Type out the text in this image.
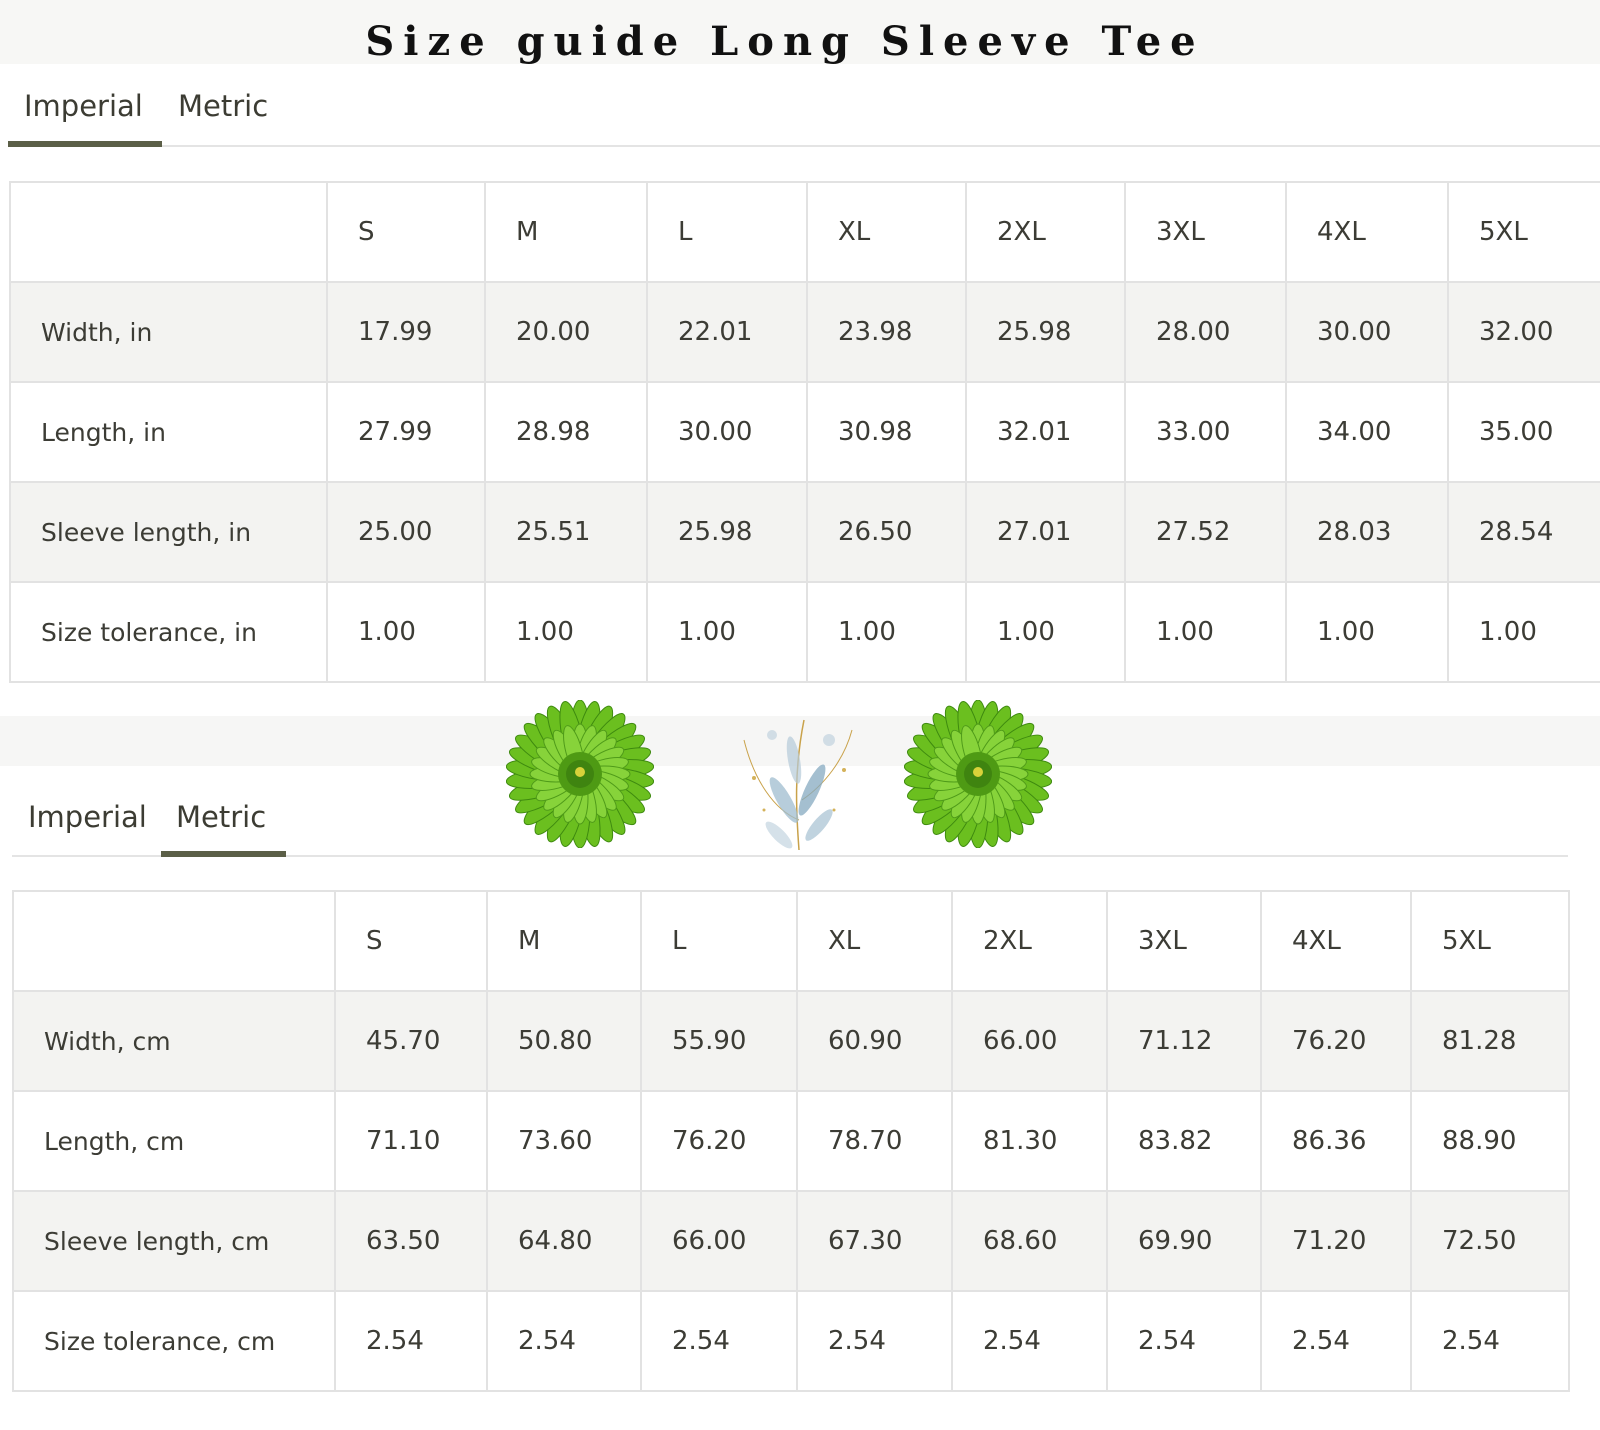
Size guide Long Sleeve Tee
Imperial Metric
	S	M	L	XL	2XL	3XL	4XL	5XL
Width, in	17.99	20.00	22.01	23.98	25.98	28.00	30.00	32.00
Length, in	27.99	28.98	30.00	30.98	32.01	33.00	34.00	35.00
Sleeve length, in	25.00	25.51	25.98	26.50	27.01	27.52	28.03	28.54
Size tolerance, in	1.00	1.00	1.00	1.00	1.00	1.00	1.00	1.00
Imperial Metric
	S	M	L	XL	2XL	3XL	4XL	5XL
Width, cm	45.70	50.80	55.90	60.90	66.00	71.12	76.20	81.28
Length, cm	71.10	73.60	76.20	78.70	81.30	83.82	86.36	88.90
Sleeve length, cm	63.50	64.80	66.00	67.30	68.60	69.90	71.20	72.50
Size tolerance, cm	2.54	2.54	2.54	2.54	2.54	2.54	2.54	2.54
